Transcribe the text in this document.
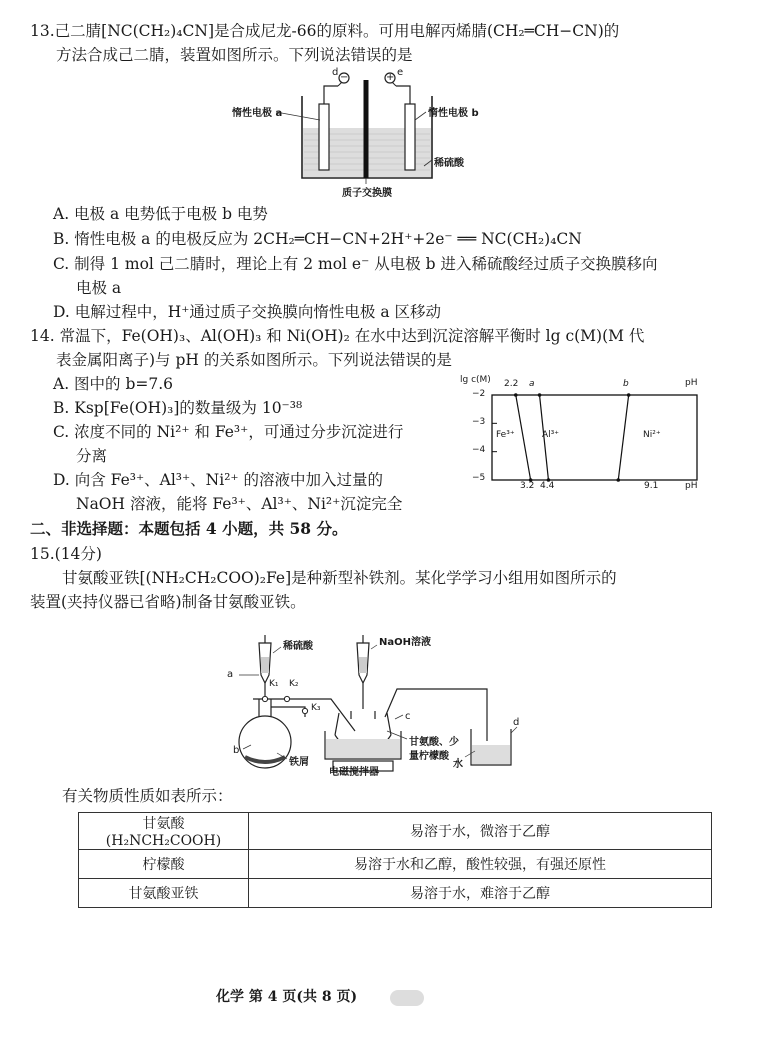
13.己二腈[NC(CH₂)₄CN]是合成尼龙-66的原料。可用电解丙烯腈(CH₂═CH−CN)的
方法合成己二腈，装置如图所示。下列说法错误的是
d −	+ e
惰性电极 a	惰性电极 b
稀硫酸
质子交换膜
A. 电极 a 电势低于电极 b 电势
B. 惰性电极 a 的电极反应为 2CH₂═CH−CN+2H⁺+2e⁻ ══ NC(CH₂)₄CN
C. 制得 1 mol 己二腈时，理论上有 2 mol e⁻ 从电极 b 进入稀硫酸经过质子交换膜移向
电极 a
D. 电解过程中，H⁺通过质子交换膜向惰性电极 a 区移动
14. 常温下，Fe(OH)₃、Al(OH)₃ 和 Ni(OH)₂ 在水中达到沉淀溶解平衡时 lg c(M)(M 代
表金属阳离子)与 pH 的关系如图所示。下列说法错误的是
A. 图中的 b=7.6
B. Ksp[Fe(OH)₃]的数量级为 10⁻³⁸
C. 浓度不同的 Ni²⁺ 和 Fe³⁺，可通过分步沉淀进行
分离
D. 向含 Fe³⁺、Al³⁺、Ni²⁺ 的溶液中加入过量的
NaOH 溶液，能将 Fe³⁺、Al³⁺、Ni²⁺沉淀完全
lg c(M)	pH
pH
−2
−3
−4
−5
2.2 a	b
3.2 4.4	9.1
Fe³⁺	Al³⁺	Ni²⁺
二、非选择题：本题包括 4 小题，共 58 分。
15.(14分)
甘氨酸亚铁[(NH₂CH₂COO)₂Fe]是种新型补铁剂。某化学学习小组用如图所示的
装置(夹持仪器已省略)制备甘氨酸亚铁。
a
b
c
d
稀硫酸
K₁ K₂
K₃
铁屑
NaOH溶液
甘氨酸、少
量柠檬酸
电磁搅拌器
水
有关物质性质如表所示：
甘氨酸(H₂NCH₂COOH)	易溶于水，微溶于乙醇
柠檬酸	易溶于水和乙醇，酸性较强，有强还原性
甘氨酸亚铁	易溶于水，难溶于乙醇
化学 第 4 页(共 8 页)
